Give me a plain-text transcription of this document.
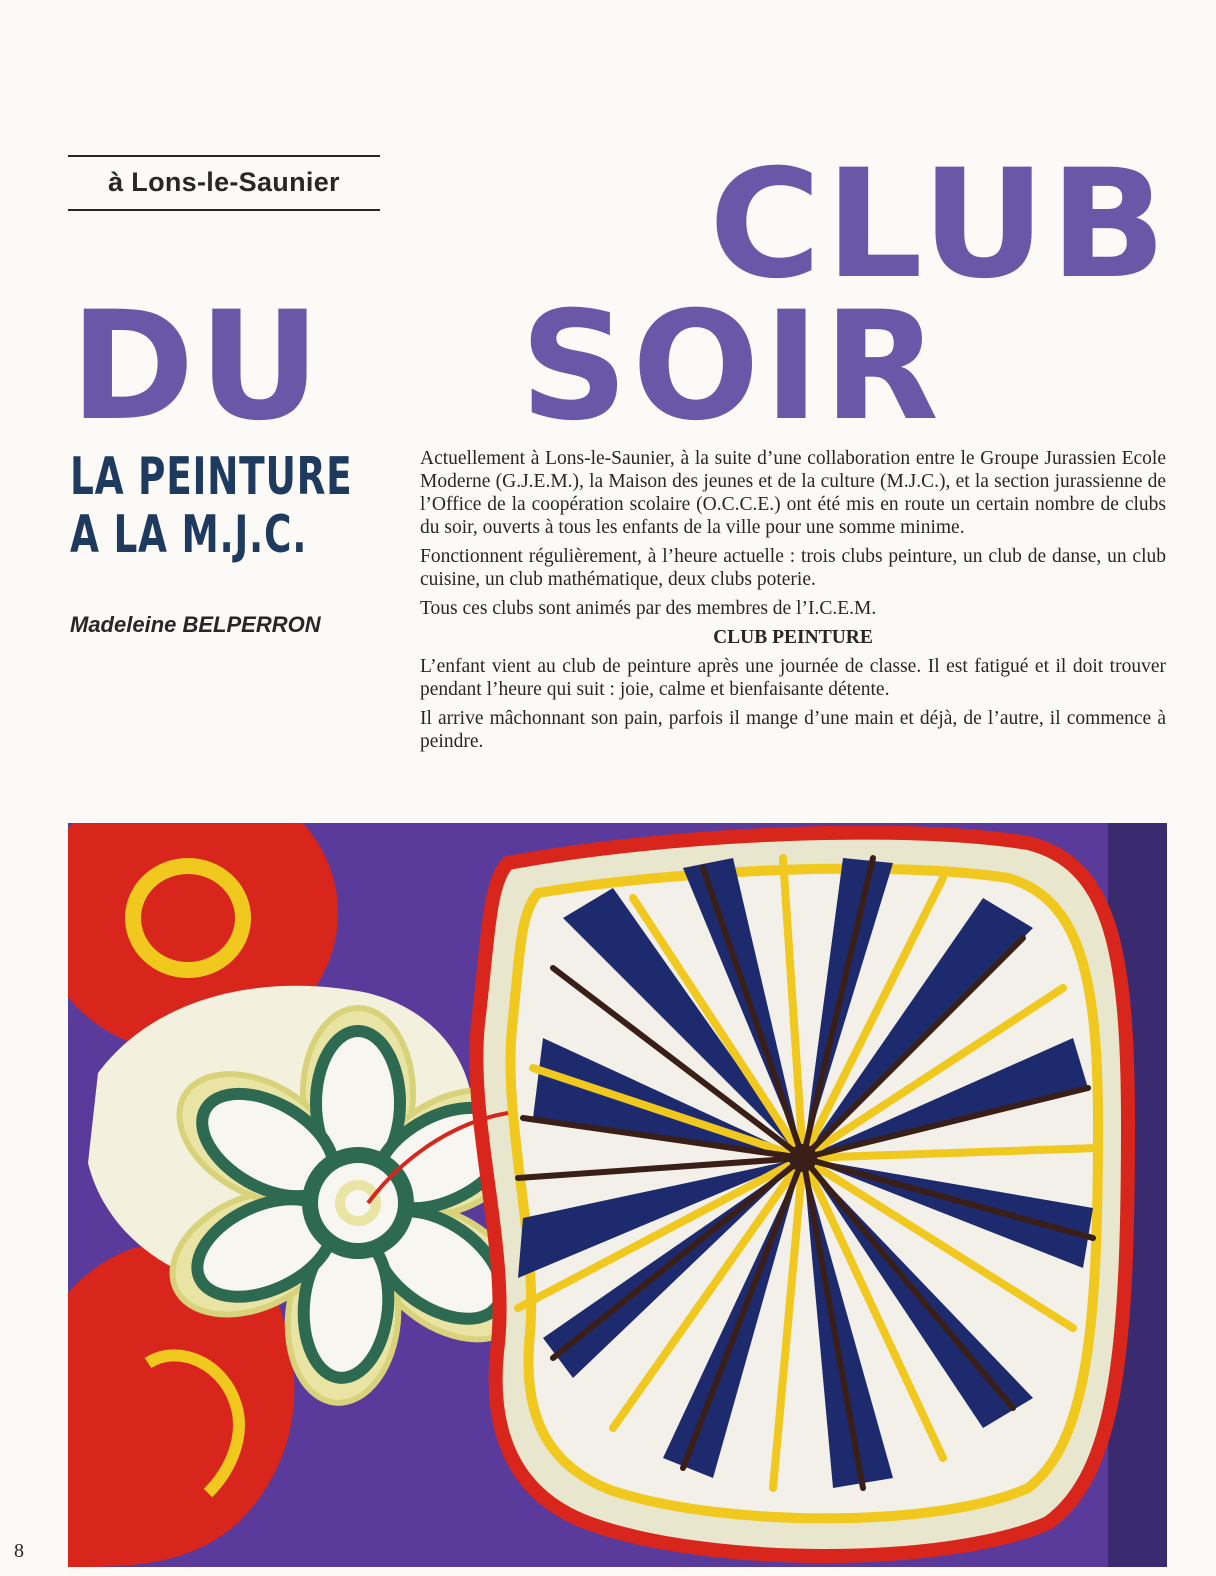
à Lons-le-Saunier CLUB
DU SOIR
LA PEINTURE
A LA M.J.C.
Madeleine BELPERRON

Actuellement à Lons-le-Saunier, à la suite d’une collaboration entre le Groupe Jurassien Ecole Moderne (G.J.E.M.), la Maison des jeunes et de la culture (M.J.C.), et la section jurassienne de l’Office de la coopération scolaire (O.C.C.E.) ont été mis en route un certain nombre de clubs du soir, ouverts à tous les enfants de la ville pour une somme minime.

Fonctionnent régulièrement, à l’heure actuelle : trois clubs peinture, un club de danse, un club cuisine, un club mathématique, deux clubs poterie.

Tous ces clubs sont animés par des membres de l’I.C.E.M.

CLUB PEINTURE

L’enfant vient au club de peinture après une journée de classe. Il est fatigué et il doit trouver pendant l’heure qui suit : joie, calme et bienfaisante détente.

Il arrive mâchonnant son pain, parfois il mange d’une main et déjà, de l’autre, il commence à peindre.

8
